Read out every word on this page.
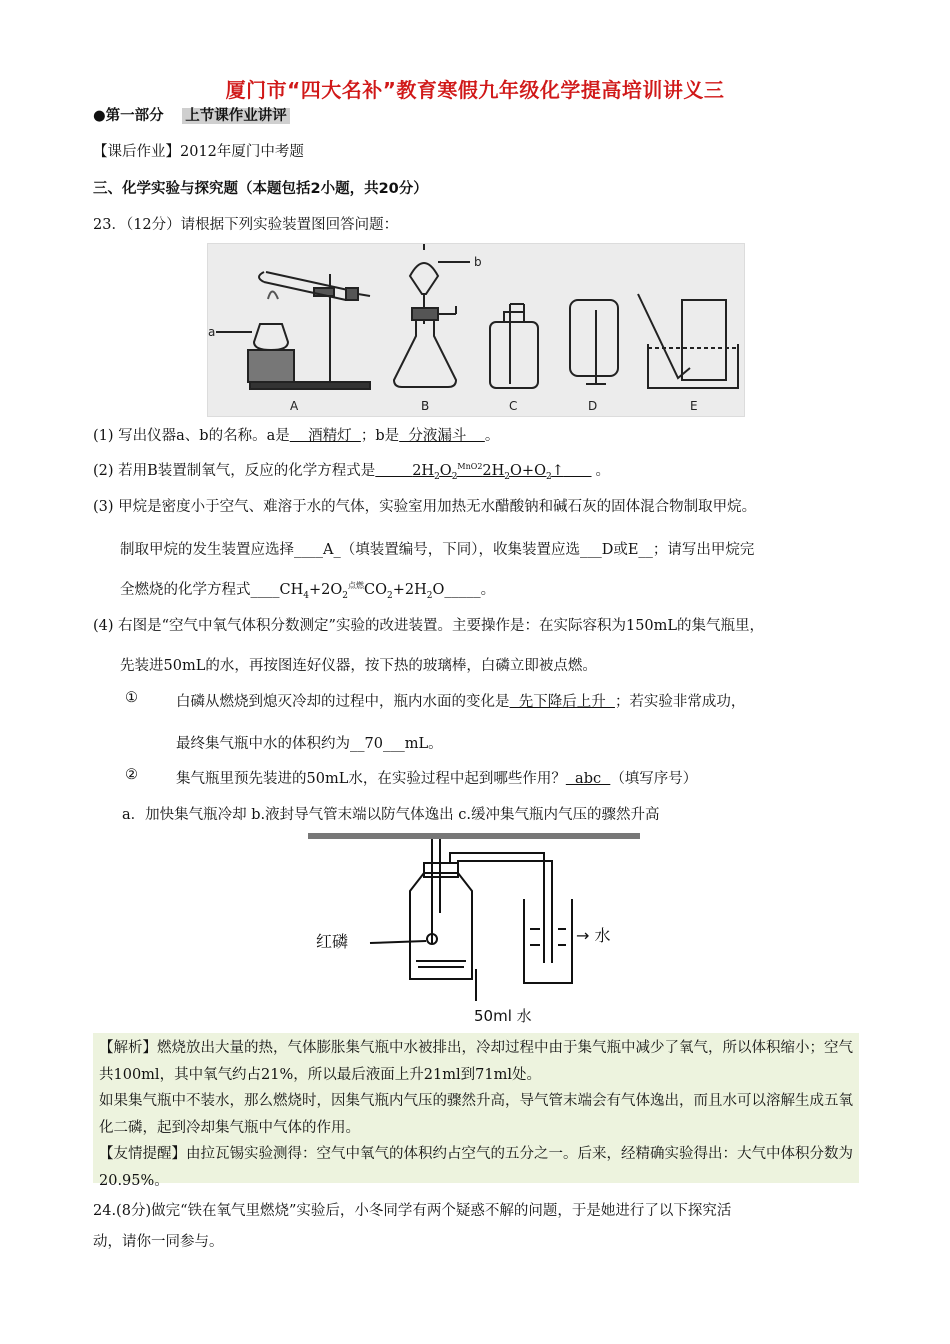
厦门市“四大名补”教育寒假九年级化学提高培训讲义三
●第一部分 上节课作业讲评
【课后作业】2012年厦门中考题
三、化学实验与探究题（本题包括2小题，共20分）
23．（12分）请根据下列实验装置图回答问题：
a
b
A	B	C	D	E
(1) 写出仪器a、b的名称。a是    酒精灯  ；b是  分液漏斗    。
(2) 若用B装置制氧气，反应的化学方程式是	$2H_2O_2^{MnO2}2H_2O+O_2↑$ 。
(3) 甲烷是密度小于空气、难溶于水的气体，实验室用加热无水醋酸钠和碱石灰的固体混合物制取甲烷。
制取甲烷的发生装置应选择____A_（填装置编号，下同），收集装置应选___D或E__；请写出甲烷完
全燃烧的化学方程式$\_\_\_\_CH_4+2O_2^{点燃}CO_2+2H_2O\_\_\_\_\_$。
(4) 右图是“空气中氧气体积分数测定”实验的改进装置。主要操作是：在实际容积为150mL的集气瓶里，
先装进50mL的水，再按图连好仪器，按下热的玻璃棒，白磷立即被点燃。
①	白磷从燃烧到熄灭冷却的过程中，瓶内水面的变化是  先下降后上升  ；若实验非常成功，
最终集气瓶中水的体积约为__70___mL。
②	集气瓶里预先装进的50mL水，在实验过程中起到哪些作用？  abc  （填写序号）
a．加快集气瓶冷却 b.液封导气管末端以防气体逸出 c.缓冲集气瓶内气压的骤然升高
红磷
50ml 水
→ 水

【解析】燃烧放出大量的热，气体膨胀集气瓶中水被排出，冷却过程中由于集气瓶中减少了氧气，所以体积缩小；空气共100ml，其中氧气约占21%，所以最后液面上升21ml到71ml处。

如果集气瓶中不装水，那么燃烧时，因集气瓶内气压的骤然升高，导气管末端会有气体逸出，而且水可以溶解生成五氧化二磷，起到冷却集气瓶中气体的作用。

【友情提醒】由拉瓦锡实验测得：空气中氧气的体积约占空气的五分之一。后来，经精确实验得出：大气中体积分数为20.95%。

24.(8分)做完“铁在氧气里燃烧”实验后，小冬同学有两个疑惑不解的问题，于是她进行了以下探究活
动，请你一同参与。
